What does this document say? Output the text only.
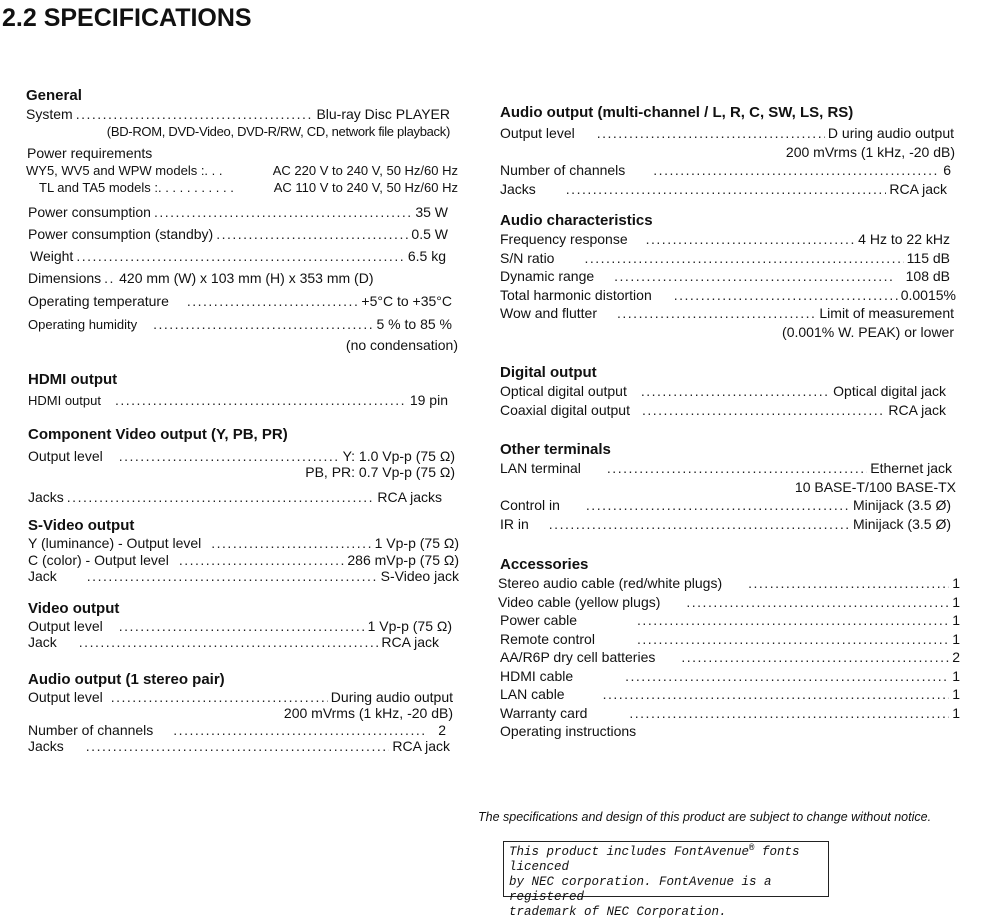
2.2 SPECIFICATIONS
General
System .....	Blu-ray Disc PLAYER
(BD-ROM, DVD-Video, DVD-R/RW, CD, network file playback)
Power requirements
WY5, WV5 and WPW models :. . .	AC 220 V to 240 V, 50 Hz/60 Hz
TL and TA5 models :. . . . . . . . . . .	AC 110 V to 240 V, 50 Hz/60 Hz
Power consumption .....	35 W
Power consumption (standby) .....	0.5 W
Weight .....	6.5 kg
Dimensions ..... 420 mm (W) x 103 mm (H) x 353 mm (D)
Operating temperature .....	+5°C to +35°C
Operating humidity .....	5 % to 85 %
(no condensation)
HDMI output
HDMI output .....	19 pin
Component Video output (Y, PB, PR)
Output level .....	Y: 1.0 Vp-p (75 Ω)
PB, PR: 0.7 Vp-p (75 Ω)
Jacks .....	RCA jacks
S-Video output
Y (luminance) - Output level .....	1 Vp-p (75 Ω)
C (color) - Output level .....	286 mVp-p (75 Ω)
Jack .....	S-Video jack
Video output
Output level .....	1 Vp-p (75 Ω)
Jack .....	RCA jack
Audio output (1 stereo pair)
Output level .....	During audio output
200 mVrms (1 kHz, -20 dB)
Number of channels .....	2
Jacks .....	RCA jack
Audio output (multi-channel / L, R, C, SW, LS, RS)
Output level .....	D uring audio output
200 mVrms (1 kHz, -20 dB)
Number of channels .....	6
Jacks .....	RCA jack
Audio characteristics
Frequency response .....	4 Hz to 22 kHz
S/N ratio .....	115 dB
Dynamic range .....	108 dB
Total harmonic distortion .....	0.0015%
Wow and flutter .....	Limit of measurement
(0.001% W. PEAK) or lower
Digital output
Optical digital output .....	Optical digital jack
Coaxial digital output .....	RCA jack
Other terminals
LAN terminal .....	Ethernet jack
10 BASE-T/100 BASE-TX
Control in .....	Minijack (3.5 Ø)
IR in .....	Minijack (3.5 Ø)
Accessories
Stereo audio cable (red/white plugs) .....	1
Video cable (yellow plugs) .....	1
Power cable .....	1
Remote control .....	1
AA/R6P dry cell batteries .....	2
HDMI cable .....	1
LAN cable .....	1
Warranty card .....	1
Operating instructions
The specifications and design of this product are subject to change without notice.
This product includes FontAvenue® fonts licenced
by NEC corporation. FontAvenue is a registered
trademark of NEC Corporation.
